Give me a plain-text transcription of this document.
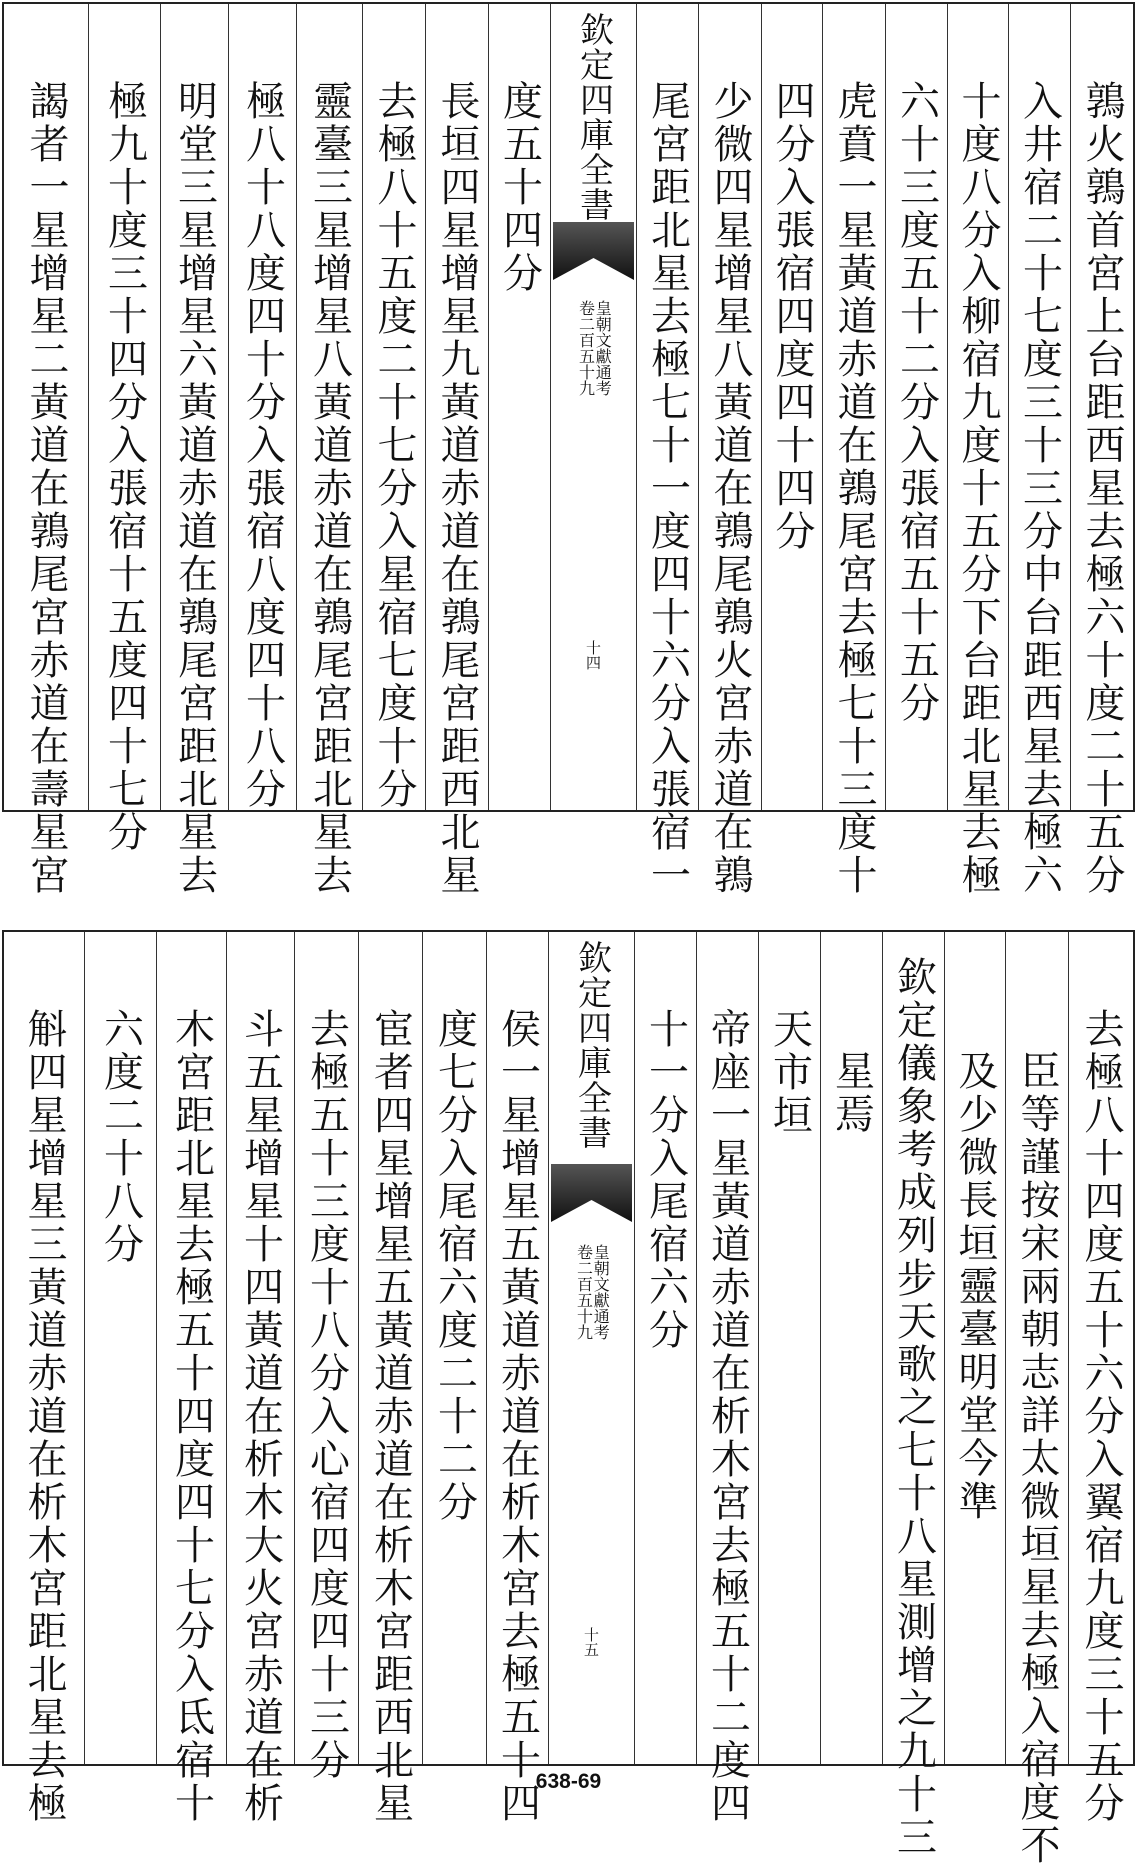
鶉火鶉首宮上台距西星去極六十度二十五分
入井宿二十七度三十三分中台距西星去極六
十度八分入柳宿九度十五分下台距北星去極
六十三度五十二分入張宿五十五分
虎賁一星黃道赤道在鶉尾宮去極七十三度十
四分入張宿四度四十四分
少微四星增星八黃道在鶉尾鶉火宮赤道在鶉
尾宮距北星去極七十一度四十六分入張宿一
欽定四庫全書
皇朝文獻通考
卷二百五十九
十四
度五十四分
長垣四星增星九黃道赤道在鶉尾宮距西北星
去極八十五度二十七分入星宿七度十分
靈臺三星增星八黃道赤道在鶉尾宮距北星去
極八十八度四十分入張宿八度四十八分
明堂三星增星六黃道赤道在鶉尾宮距北星去
極九十度三十四分入張宿十五度四十七分
謁者一星增星二黃道在鶉尾宮赤道在壽星宮
去極八十四度五十六分入翼宿九度三十五分
臣等謹按宋兩朝志詳太微垣星去極入宿度不
及少微長垣靈臺明堂今準
欽定儀象考成列步天歌之七十八星測增之九十三
星焉
天市垣
帝座一星黃道赤道在析木宮去極五十二度四
十一分入尾宿六分
欽定四庫全書
皇朝文獻通考
卷二百五十九
十五
侯一星增星五黃道赤道在析木宮去極五十四
度七分入尾宿六度二十二分
宦者四星增星五黃道赤道在析木宮距西北星
去極五十三度十八分入心宿四度四十三分
斗五星增星十四黃道在析木大火宮赤道在析
木宮距北星去極五十四度四十七分入氐宿十
六度二十八分
斛四星增星三黃道赤道在析木宮距北星去極	638-69
